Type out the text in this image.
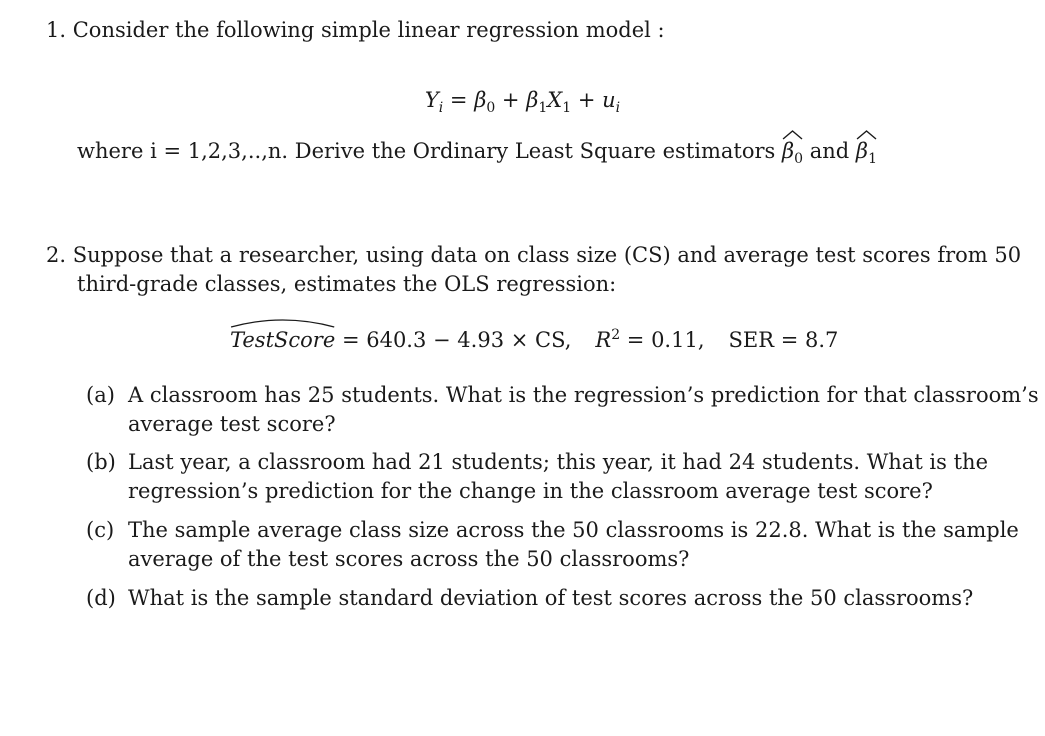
1. Consider the following simple linear regression model :
$Y_i = \beta_0 + \beta_1X_1 + u_i$
where i = 1,2,3,..,n. Derive the Ordinary Least Square estimators $\beta_0$ and
$\beta_1$
2. Suppose that a researcher, using data on class size (CS) and average test scores from 50
third-grade classes, estimates the OLS regression:
TestScore = 640.3 − 4.93 × CS, $R^2 = 0.11$, SER = 8.7
(a) A classroom has 25 students. What is the regression’s prediction for that classroom’s
average test score?
(b) Last year, a classroom had 21 students; this year, it had 24 students. What is the
regression’s prediction for the change in the classroom average test score?
(c) The sample average class size across the 50 classrooms is 22.8. What is the sample
average of the test scores across the 50 classrooms?
(d) What is the sample standard deviation of test scores across the 50 classrooms?
